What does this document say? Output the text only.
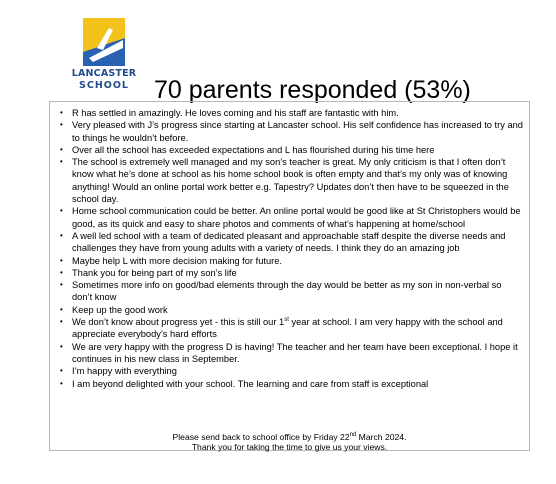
LANCASTER
SCHOOL	70 parents responded (53%)
• R has settled in amazingly. He loves coming and his staff are fantastic with him.
• Very pleased with J’s progress since starting at Lancaster school. His self confidence has increased to try and to things he wouldn’t before.
• Over all the school has exceeded expectations and L has flourished during his time here
• The school is extremely well managed and my son’s teacher is great. My only criticism is that I often don’t know what he’s done at school as his home school book is often empty and that’s my only was of knowing anything! Would an online portal work better e.g. Tapestry? Updates don’t then have to be squeezed in the school day.
• Home school communication could be better. An online portal would be good like at St Christophers would be good, as its quick and easy to share photos and comments of what’s happening at home/school
• A well led school with a team of dedicated pleasant and approachable staff despite the diverse needs and challenges they have from young adults with a variety of needs. I think they do an amazing job
• Maybe help L with more decision making for future.
• Thank you for being part of my son’s life
• Sometimes more info on good/bad elements through the day would be better as my son in non-verbal so don’t know
• Keep up the good work
• We don’t know about progress yet - this is still our 1st year at school. I am very happy with the school and appreciate everybody’s hard efforts
• We are very happy with the progress D is having! The teacher and her team have been exceptional. I hope it continues in his new class in September.
• I’m happy with everything
• I am beyond delighted with your school. The learning and care from staff is exceptional
Please send back to school office by Friday 22nd March 2024.
Thank you for taking the time to give us your views.
